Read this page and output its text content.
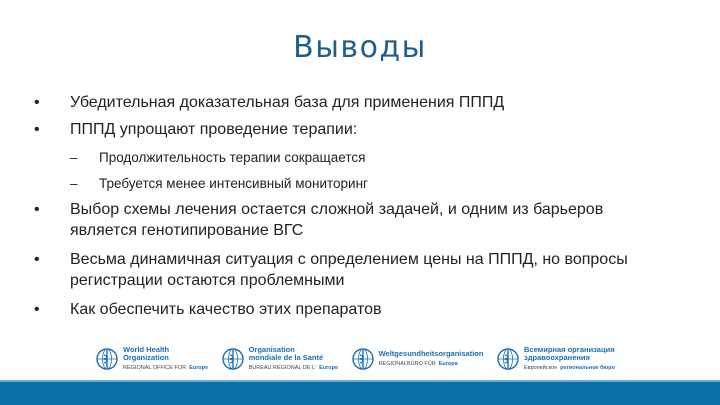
Выводы
•	Убедительная доказательная база для применения ПППД
•	ПППД упрощают проведение терапии:
–	Продолжительность терапии сокращается
–	Требуется менее интенсивный мониторинг
•	Выбор схемы лечения остается сложной задачей, и одним из барьеров является генотипирование ВГС
•	Весьма динамичная ситуация с определением цены на ПППД, но вопросы регистрации остаются проблемными
•	Как обеспечить качество этих препаратов
World Health
Organization
REGIONAL OFFICE FOR Europe
Organisation
mondiale de la Santé
BUREAU RÉGIONAL DE L' Europe
Weltgesundheitsorganisation
REGIONALBÜRO FÜR Europa
Всемирная организация
здравоохранения
Европейское региональное бюро
